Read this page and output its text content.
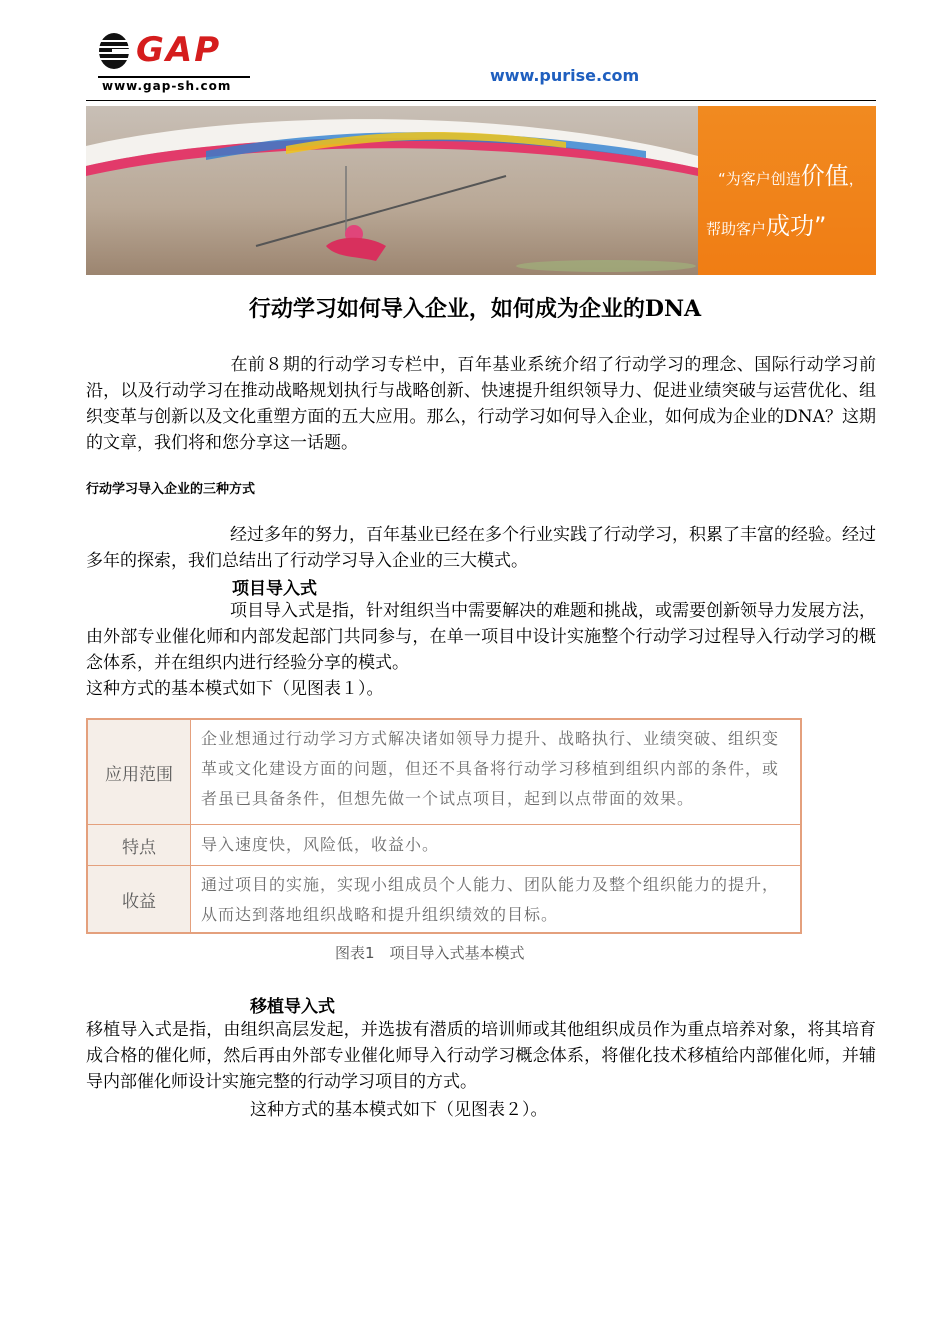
GAP
www.gap-sh.com
www.purise.com
“为客户创造价值，
帮助客户成功”
行动学习如何导入企业，如何成为企业的DNA
在前８期的行动学习专栏中，百年基业系统介绍了行动学习的理念、国际行动学习前沿，以及行动学习在推动战略规划执行与战略创新、快速提升组织领导力、促进业绩突破与运营优化、组织变革与创新以及文化重塑方面的五大应用。那么，行动学习如何导入企业，如何成为企业的DNA？这期的文章，我们将和您分享这一话题。
行动学习导入企业的三种方式
经过多年的努力，百年基业已经在多个行业实践了行动学习，积累了丰富的经验。经过多年的探索，我们总结出了行动学习导入企业的三大模式。
项目导入式
项目导入式是指，针对组织当中需要解决的难题和挑战，或需要创新领导力发展方法，由外部专业催化师和内部发起部门共同参与，在单一项目中设计实施整个行动学习过程导入行动学习的概念体系，并在组织内进行经验分享的模式。
这种方式的基本模式如下（见图表１）。
应用范围
企业想通过行动学习方式解决诸如领导力提升、战略执行、业绩突破、组织变革或文化建设方面的问题，但还不具备将行动学习移植到组织内部的条件，或者虽已具备条件，但想先做一个试点项目，起到以点带面的效果。
特点	导入速度快，风险低，收益小。
收益
通过项目的实施，实现小组成员个人能力、团队能力及整个组织能力的提升，从而达到落地组织战略和提升组织绩效的目标。
图表1　项目导入式基本模式
移植导入式
移植导入式是指，由组织高层发起，并选拔有潜质的培训师或其他组织成员作为重点培养对象，将其培育成合格的催化师，然后再由外部专业催化师导入行动学习概念体系，将催化技术移植给内部催化师，并辅导内部催化师设计实施完整的行动学习项目的方式。
这种方式的基本模式如下（见图表２）。
